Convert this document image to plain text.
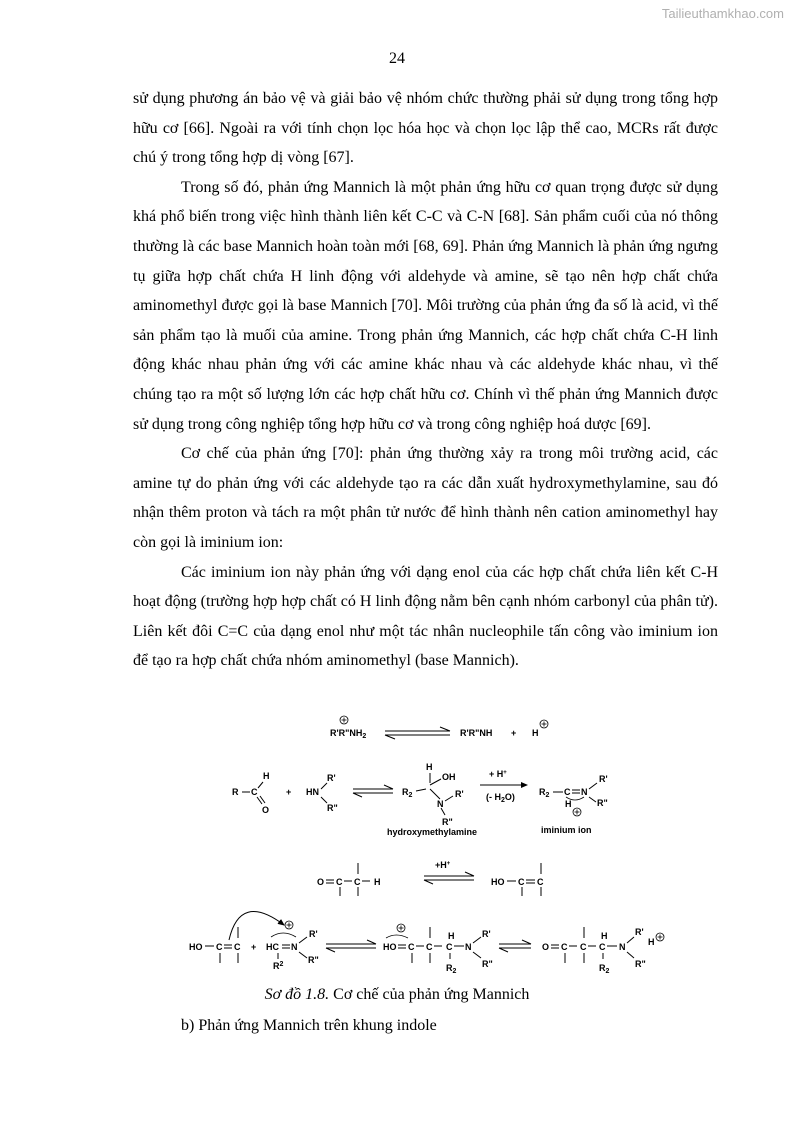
Tailieuthamkhao.com
24

sử dụng phương án bảo vệ và giải bảo vệ nhóm chức thường phải sử dụng trong tổng hợp hữu cơ [66]. Ngoài ra với tính chọn lọc hóa học và chọn lọc lập thể cao, MCRs rất được chú ý trong tổng hợp dị vòng [67].

Trong số đó, phản ứng Mannich là một phản ứng hữu cơ quan trọng được sử dụng khá phổ biến trong việc hình thành liên kết C-C và C-N [68]. Sản phẩm cuối của nó thông thường là các base Mannich hoàn toàn mới [68, 69]. Phản ứng Mannich là phản ứng ngưng tụ giữa hợp chất chứa H linh động với aldehyde và amine, sẽ tạo nên hợp chất chứa aminomethyl được gọi là base Mannich [70]. Môi trường của phản ứng đa số là acid, vì thế sản phẩm tạo là muối của amine. Trong phản ứng Mannich, các hợp chất chứa C-H linh động khác nhau phản ứng với các amine khác nhau và các aldehyde khác nhau, vì thế chúng tạo ra một số lượng lớn các hợp chất hữu cơ. Chính vì thế phản ứng Mannich được sử dụng trong công nghiệp tổng hợp hữu cơ và trong công nghiệp hoá dược [69].

Cơ chế của phản ứng [70]: phản ứng thường xảy ra trong môi trường acid, các amine tự do phản ứng với các aldehyde tạo ra các dẫn xuất hydroxymethylamine, sau đó nhận thêm proton và tách ra một phân tử nước để hình thành nên cation aminomethyl hay còn gọi là iminium ion:

Các iminium ion này phản ứng với dạng enol của các hợp chất chứa liên kết C-H hoạt động (trường hợp hợp chất có H linh động nằm bên cạnh nhóm carbonyl của phân tử). Liên kết đôi C=C của dạng enol như một tác nhân nucleophile tấn công vào iminium ion để tạo ra hợp chất chứa nhóm aminomethyl (base Mannich).

$R'R"NH_2$	R'R"NH + H
R C
H
O
+ HN
R'
R"
H
$R_2$
OH
N
R'
R"
+ H+
(- $H_2O$)	$R_2$ C N
R'
R"
H
hydroxymethylamine	iminium ion
O C C H
+H+
HO C C
HO C C + HC N
R'
R"
$R^2$
HO C C C N
H
$R_2$
R'
R"
O C C C N
H
$R_2$
R'
H
R"
Sơ đồ 1.8. Cơ chế của phản ứng Mannich
b) Phản ứng Mannich trên khung indole
